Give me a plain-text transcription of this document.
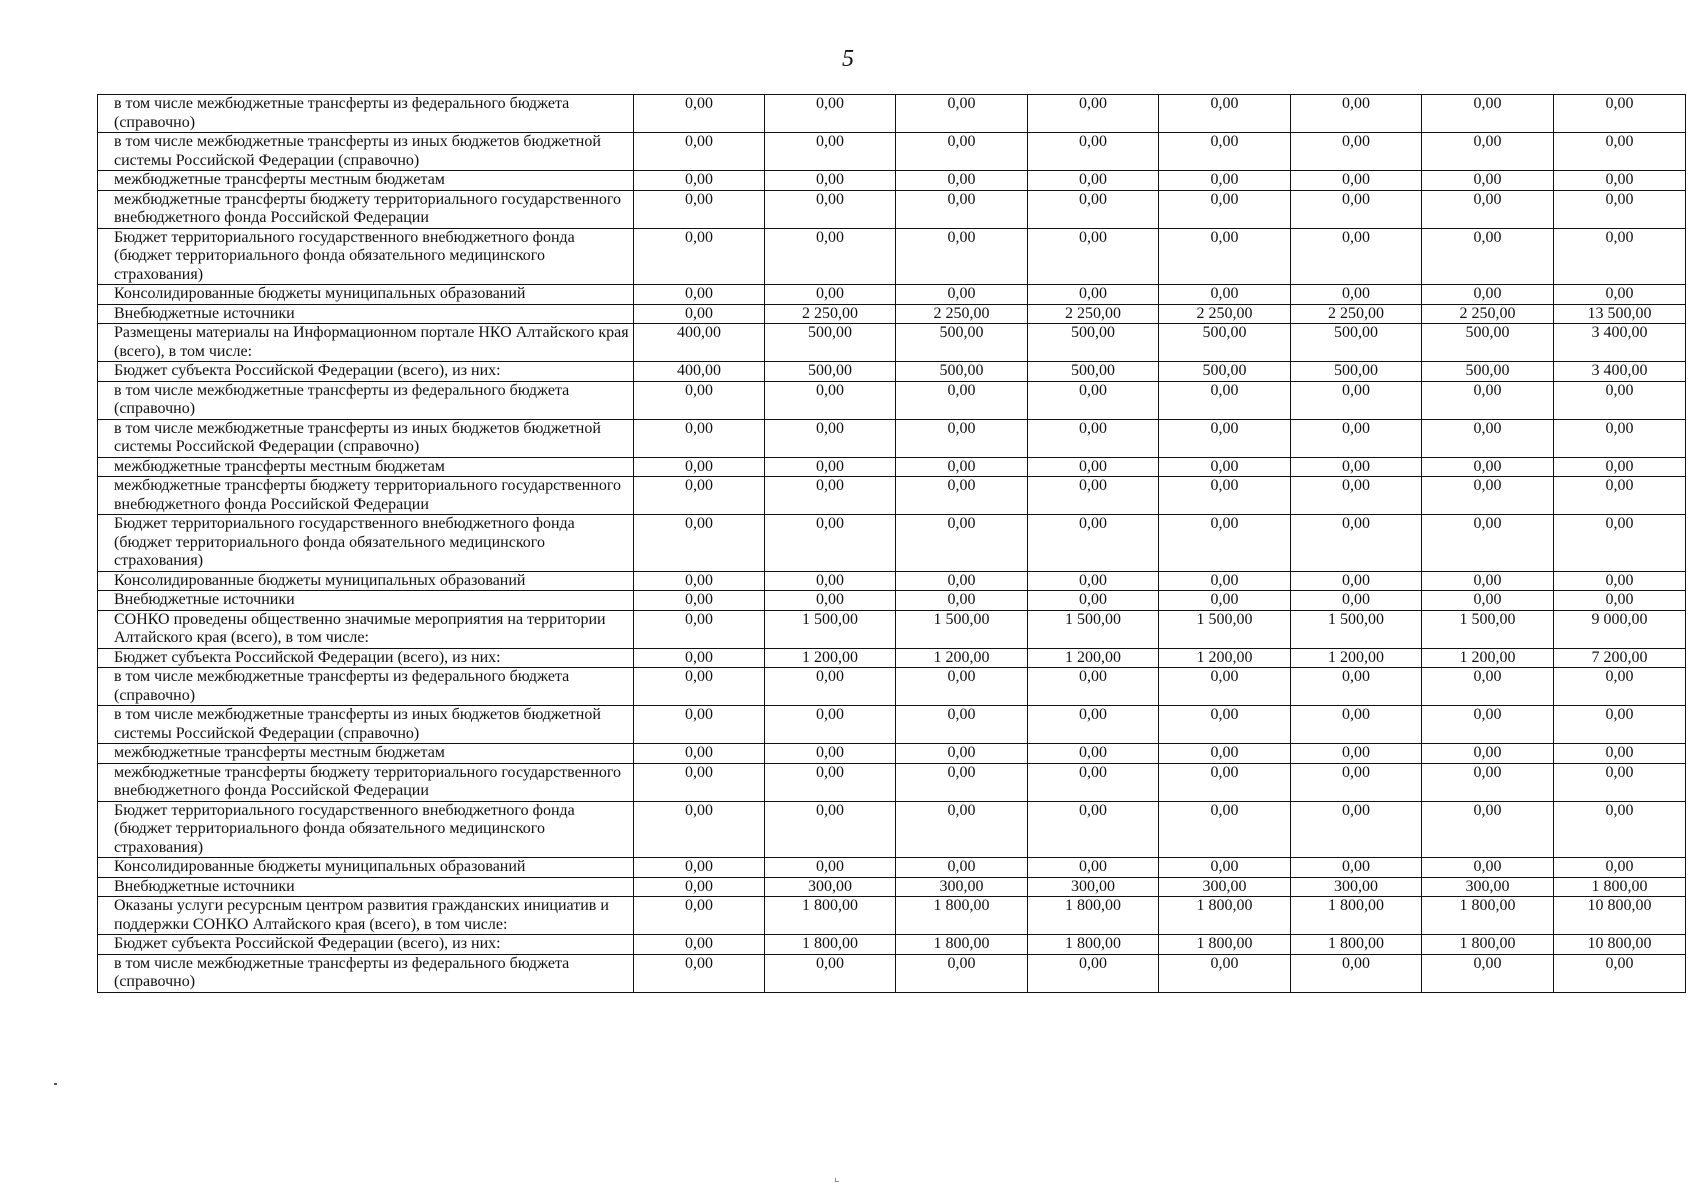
5
в том числе межбюджетные трансферты из федерального бюджета (справочно)	0,00	0,00	0,00	0,00	0,00	0,00	0,00	0,00
в том числе межбюджетные трансферты из иных бюджетов бюджетной системы Российской Федерации (справочно)	0,00	0,00	0,00	0,00	0,00	0,00	0,00	0,00
межбюджетные трансферты местным бюджетам	0,00	0,00	0,00	0,00	0,00	0,00	0,00	0,00
межбюджетные трансферты бюджету территориального государственного внебюджетного фонда Российской Федерации	0,00	0,00	0,00	0,00	0,00	0,00	0,00	0,00
Бюджет территориального государственного внебюджетного фонда (бюджет территориального фонда обязательного медицинского страхования)	0,00	0,00	0,00	0,00	0,00	0,00	0,00	0,00
Консолидированные бюджеты муниципальных образований	0,00	0,00	0,00	0,00	0,00	0,00	0,00	0,00
Внебюджетные источники	0,00	2 250,00	2 250,00	2 250,00	2 250,00	2 250,00	2 250,00	13 500,00
Размещены материалы на Информационном портале НКО Алтайского края (всего), в том числе:	400,00	500,00	500,00	500,00	500,00	500,00	500,00	3 400,00
Бюджет субъекта Российской Федерации (всего), из них:	400,00	500,00	500,00	500,00	500,00	500,00	500,00	3 400,00
в том числе межбюджетные трансферты из федерального бюджета (справочно)	0,00	0,00	0,00	0,00	0,00	0,00	0,00	0,00
в том числе межбюджетные трансферты из иных бюджетов бюджетной системы Российской Федерации (справочно)	0,00	0,00	0,00	0,00	0,00	0,00	0,00	0,00
межбюджетные трансферты местным бюджетам	0,00	0,00	0,00	0,00	0,00	0,00	0,00	0,00
межбюджетные трансферты бюджету территориального государственного внебюджетного фонда Российской Федерации	0,00	0,00	0,00	0,00	0,00	0,00	0,00	0,00
Бюджет территориального государственного внебюджетного фонда (бюджет территориального фонда обязательного медицинского страхования)	0,00	0,00	0,00	0,00	0,00	0,00	0,00	0,00
Консолидированные бюджеты муниципальных образований	0,00	0,00	0,00	0,00	0,00	0,00	0,00	0,00
Внебюджетные источники	0,00	0,00	0,00	0,00	0,00	0,00	0,00	0,00
СОНКО проведены общественно значимые мероприятия на территории Алтайского края (всего), в том числе:	0,00	1 500,00	1 500,00	1 500,00	1 500,00	1 500,00	1 500,00	9 000,00
Бюджет субъекта Российской Федерации (всего), из них:	0,00	1 200,00	1 200,00	1 200,00	1 200,00	1 200,00	1 200,00	7 200,00
в том числе межбюджетные трансферты из федерального бюджета (справочно)	0,00	0,00	0,00	0,00	0,00	0,00	0,00	0,00
в том числе межбюджетные трансферты из иных бюджетов бюджетной системы Российской Федерации (справочно)	0,00	0,00	0,00	0,00	0,00	0,00	0,00	0,00
межбюджетные трансферты местным бюджетам	0,00	0,00	0,00	0,00	0,00	0,00	0,00	0,00
межбюджетные трансферты бюджету территориального государственного внебюджетного фонда Российской Федерации	0,00	0,00	0,00	0,00	0,00	0,00	0,00	0,00
Бюджет территориального государственного внебюджетного фонда (бюджет территориального фонда обязательного медицинского страхования)	0,00	0,00	0,00	0,00	0,00	0,00	0,00	0,00
Консолидированные бюджеты муниципальных образований	0,00	0,00	0,00	0,00	0,00	0,00	0,00	0,00
Внебюджетные источники	0,00	300,00	300,00	300,00	300,00	300,00	300,00	1 800,00
Оказаны услуги ресурсным центром развития гражданских инициатив и поддержки СОНКО Алтайского края (всего), в том числе:	0,00	1 800,00	1 800,00	1 800,00	1 800,00	1 800,00	1 800,00	10 800,00
Бюджет субъекта Российской Федерации (всего), из них:	0,00	1 800,00	1 800,00	1 800,00	1 800,00	1 800,00	1 800,00	10 800,00
в том числе межбюджетные трансферты из федерального бюджета (справочно)	0,00	0,00	0,00	0,00	0,00	0,00	0,00	0,00
⌞
